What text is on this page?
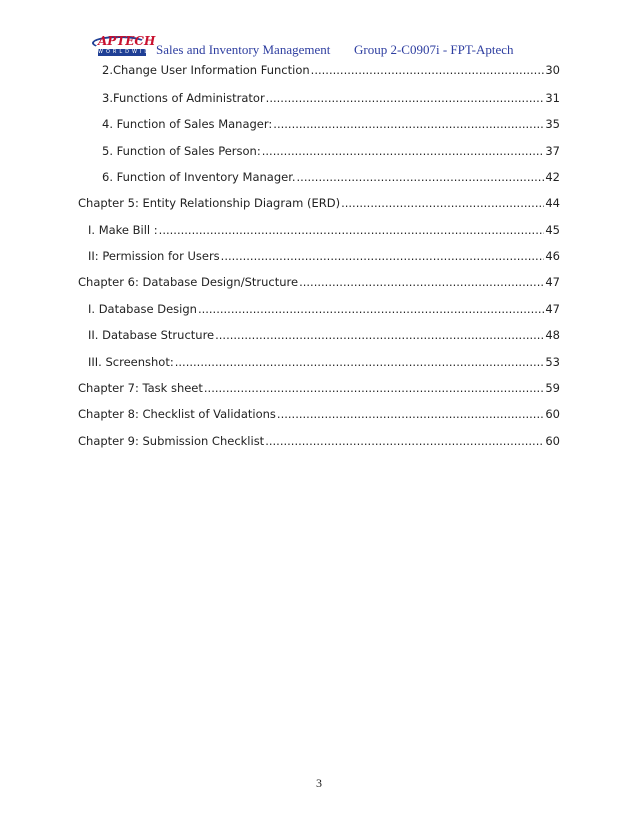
APTECH
WORLDWIDE
Sales and Inventory Management Group 2-C0907i - FPT-Aptech
2.Change User Information Function .....	30
3.Functions of Administrator .....	31
4. Function of Sales Manager: .....	35
5. Function of Sales Person: .....	37
6. Function of Inventory Manager. .....	42
Chapter 5: Entity Relationship Diagram (ERD) .....	44
I. Make Bill : .....	45
II: Permission for Users .....	46
Chapter 6: Database Design/Structure .....	47
I. Database Design .....	47
II. Database Structure .....	48
III. Screenshot: .....	53
Chapter 7: Task sheet .....	59
Chapter 8: Checklist of Validations .....	60
Chapter 9: Submission Checklist .....	60
3
